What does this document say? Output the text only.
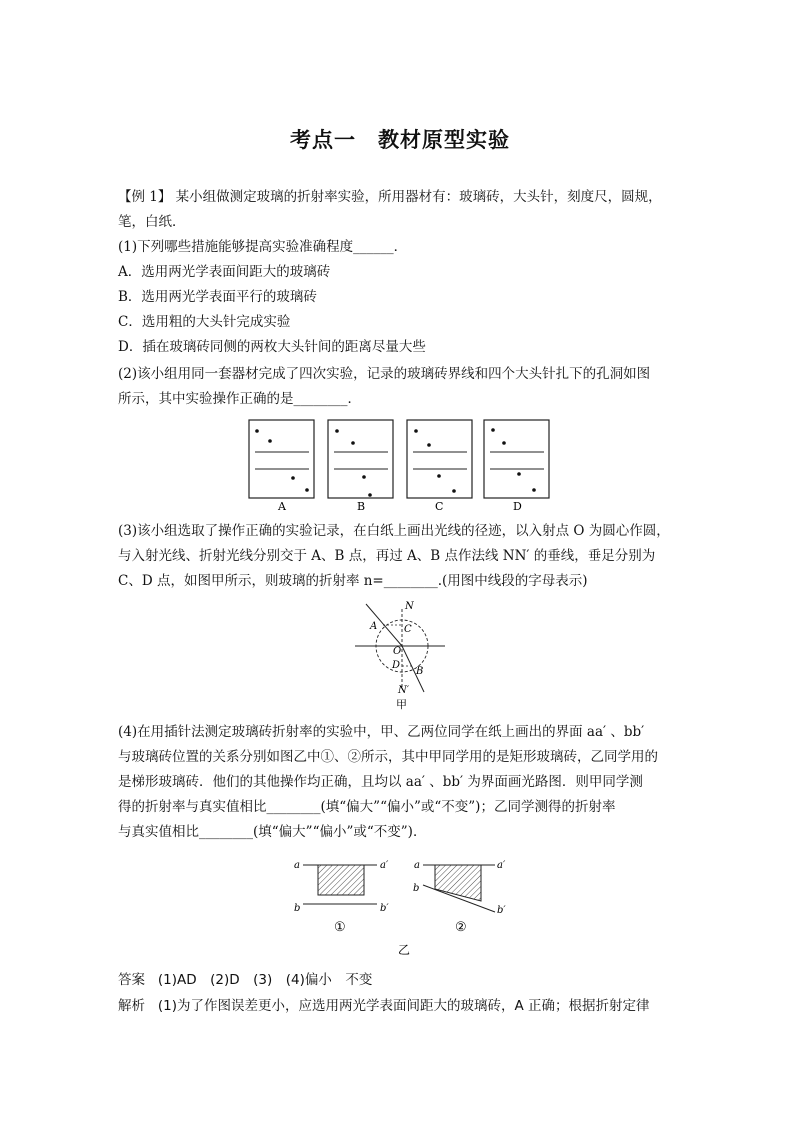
考点一　教材原型实验
【例 1】 某小组做测定玻璃的折射率实验，所用器材有：玻璃砖，大头针，刻度尺，圆规，
笔，白纸．
(1)下列哪些措施能够提高实验准确程度______．
A．选用两光学表面间距大的玻璃砖
B．选用两光学表面平行的玻璃砖
C．选用粗的大头针完成实验
D．插在玻璃砖同侧的两枚大头针间的距离尽量大些
(2)该小组用同一套器材完成了四次实验，记录的玻璃砖界线和四个大头针扎下的孔洞如图
所示，其中实验操作正确的是________．
A	B	C	D
(3)该小组选取了操作正确的实验记录，在白纸上画出光线的径迹，以入射点 O 为圆心作圆，
与入射光线、折射光线分别交于 A、B 点，再过 A、B 点作法线 NN′ 的垂线，垂足分别为
C、D 点，如图甲所示，则玻璃的折射率 n=________.(用图中线段的字母表示)
N
N′
A	C
O
D
B
甲
(4)在用插针法测定玻璃砖折射率的实验中，甲、乙两位同学在纸上画出的界面 aa′ 、bb′
与玻璃砖位置的关系分别如图乙中①、②所示，其中甲同学用的是矩形玻璃砖，乙同学用的
是梯形玻璃砖．他们的其他操作均正确，且均以 aa′ 、bb′ 为界面画光路图．则甲同学测
得的折射率与真实值相比________(填“偏大”“偏小”或“不变”)；乙同学测得的折射率
与真实值相比________(填“偏大”“偏小”或“不变”)．
a	a′
b	b′
①
a	a′
b
b′
②
乙
答案 (1)AD　(2)D　(3)　(4)偏小　不变
解析 (1)为了作图误差更小，应选用两光学表面间距大的玻璃砖，A 正确；根据折射定律
